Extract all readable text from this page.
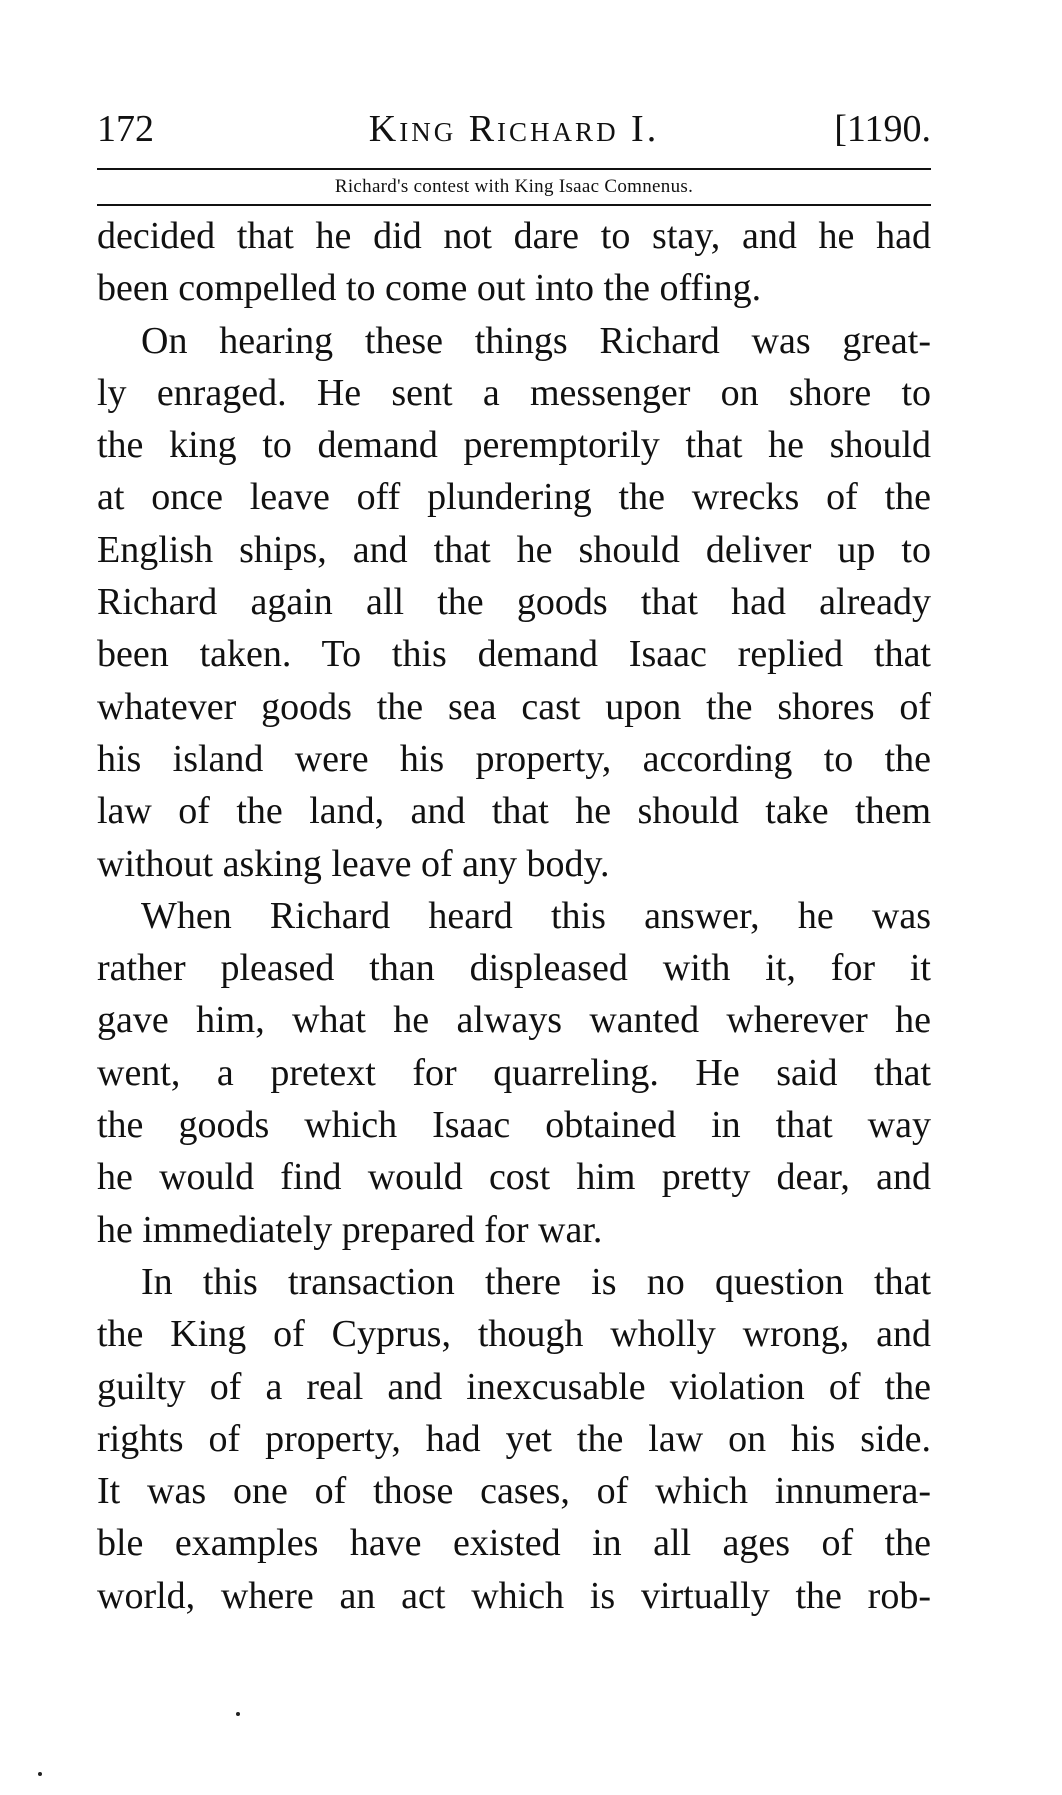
172	King Richard I.	[1190.
Richard's contest with King Isaac Comnenus.

decided that he did not dare to stay, and he had
been compelled to come out into the offing.

On hearing these things Richard was great-
ly enraged. He sent a messenger on shore to
the king to demand peremptorily that he should
at once leave off plundering the wrecks of the
English ships, and that he should deliver up to
Richard again all the goods that had already
been taken. To this demand Isaac replied that
whatever goods the sea cast upon the shores of
his island were his property, according to the
law of the land, and that he should take them
without asking leave of any body.

When Richard heard this answer, he was
rather pleased than displeased with it, for it
gave him, what he always wanted wherever he
went, a pretext for quarreling. He said that
the goods which Isaac obtained in that way
he would find would cost him pretty dear, and
he immediately prepared for war.

In this transaction there is no question that
the King of Cyprus, though wholly wrong, and
guilty of a real and inexcusable violation of the
rights of property, had yet the law on his side.
It was one of those cases, of which innumera-
ble examples have existed in all ages of the
world, where an act which is virtually the rob-
